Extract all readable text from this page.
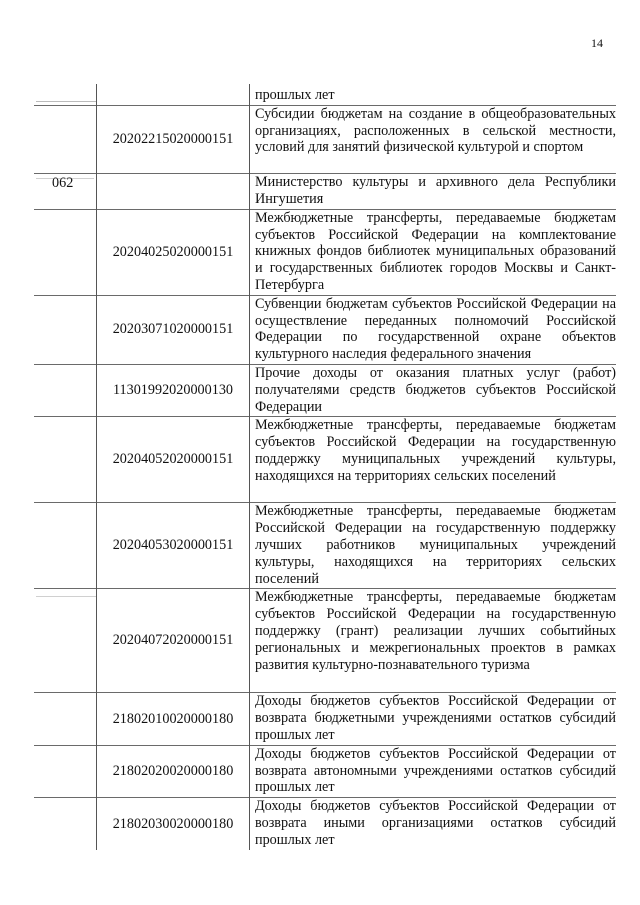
14
		прошлых лет
	20202215020000151	Субсидии бюджетам на создание в общеобразовательных организациях, расположенных в сельской местности, условий для занятий физической культурой и спортом
062		Министерство культуры и архивного дела Республики Ингушетия
	20204025020000151	Межбюджетные трансферты, передаваемые бюджетам субъектов Российской Федерации на комплектование книжных фондов библиотек муниципальных образований и государственных библиотек городов Москвы и Санкт-Петербурга
	20203071020000151	Субвенции бюджетам субъектов Российской Федерации на осуществление переданных полномочий Российской Федерации по государственной охране объектов культурного наследия федерального значения
	11301992020000130	Прочие доходы от оказания платных услуг (работ) получателями средств бюджетов субъектов Российской Федерации
	20204052020000151	Межбюджетные трансферты, передаваемые бюджетам субъектов Российской Федерации на государственную поддержку муниципальных учреждений культуры, находящихся на территориях сельских поселений
	20204053020000151	Межбюджетные трансферты, передаваемые бюджетам Российской Федерации на государственную поддержку лучших работников муниципальных учреждений культуры, находящихся на территориях сельских поселений
	20204072020000151	Межбюджетные трансферты, передаваемые бюджетам субъектов Российской Федерации на государственную поддержку (грант) реализации лучших событийных региональных и межрегиональных проектов в рамках развития культурно-познавательного туризма
	21802010020000180	Доходы бюджетов субъектов Российской Федерации от возврата бюджетными учреждениями остатков субсидий прошлых лет
	21802020020000180	Доходы бюджетов субъектов Российской Федерации от возврата автономными учреждениями остатков субсидий прошлых лет
	21802030020000180	Доходы бюджетов субъектов Российской Федерации от возврата иными организациями остатков субсидий прошлых лет
